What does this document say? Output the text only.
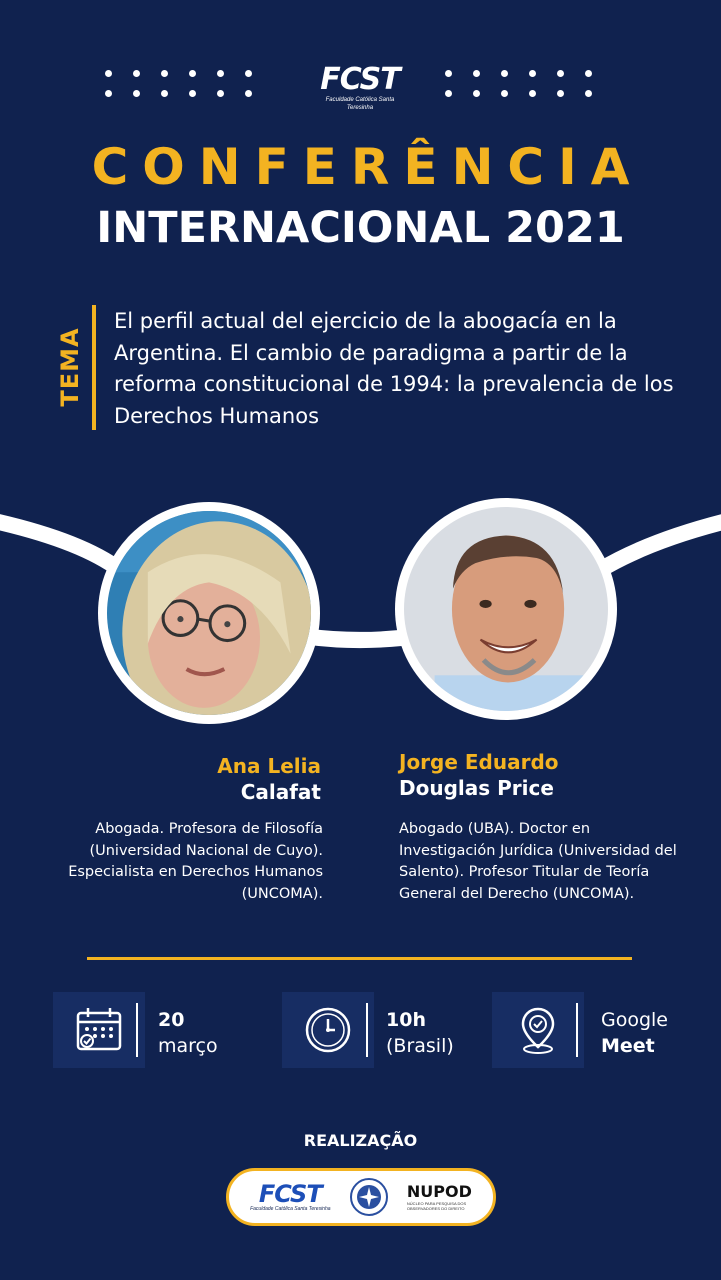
FCST
Faculdade Católica Santa Teresinha
CONFERÊNCIA
INTERNACIONAL 2021
TEMA
El perfil actual del ejercicio de la abogacía en la Argentina. El cambio de paradigma a partir de la reforma constitucional de 1994: la prevalencia de los Derechos Humanos
Ana Lelia
Calafat
Abogada. Profesora de Filosofía (Universidad Nacional de Cuyo). Especialista en Derechos Humanos (UNCOMA).
Jorge Eduardo
Douglas Price
Abogado (UBA). Doctor en Investigación Jurídica (Universidad del Salento). Profesor Titular de Teoría General del Derecho (UNCOMA).
20
março
10h
(Brasil)
Google
Meet
REALIZAÇÃO
FCST
Faculdade Católica Santa Teresinha
NUPOD
NÚCLEO PARA PESQUISA DOS OBSERVADORES DO DIREITO
